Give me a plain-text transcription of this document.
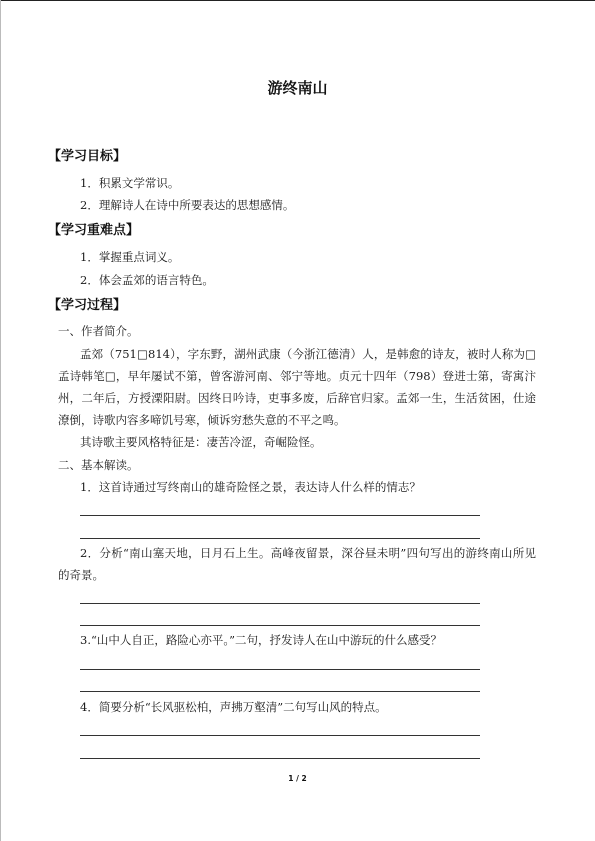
游终南山
【学习目标】
1．积累文学常识。
2．理解诗人在诗中所要表达的思想感情。
【学习重难点】
1．掌握重点词义。
2．体会孟郊的语言特色。
【学习过程】
一、作者简介。
孟郊（751□814），字东野，湖州武康（今浙江德清）人，是韩愈的诗友，被时人称为□孟诗韩笔□，早年屡试不第，曾客游河南、邻宁等地。贞元十四年（798）登进士第，寄寓汴州，二年后，方授溧阳尉。因终日吟诗，吏事多废，后辞官归家。孟郊一生，生活贫困，仕途潦倒，诗歌内容多啼饥号寒，倾诉穷愁失意的不平之鸣。
其诗歌主要风格特征是：凄苦冷涩，奇崛险怪。
二、基本解读。
1．这首诗通过写终南山的雄奇险怪之景，表达诗人什么样的情志？
2．分析“南山塞天地，日月石上生。高峰夜留景，深谷昼未明”四句写出的游终南山所见的奇景。
3.“山中人自正，路险心亦平。”二句，抒发诗人在山中游玩的什么感受？
4．简要分析“长风驱松柏，声拂万壑清”二句写山风的特点。
1 / 2
